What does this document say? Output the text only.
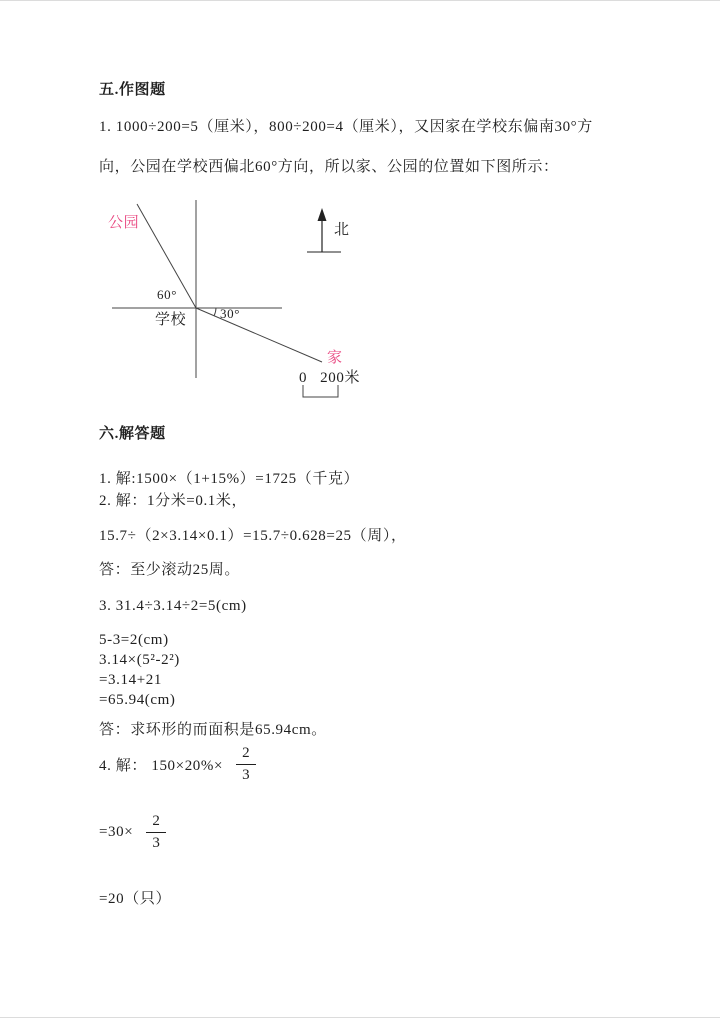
五.作图题
1. 1000÷200=5（厘米），800÷200=4（厘米），又因家在学校东偏南30°方
向，公园在学校西偏北60°方向，所以家、公园的位置如下图所示：
公园	北
60°
学校	30°
家
0   200米
六.解答题
1. 解:1500×（1+15%）=1725（千克）
2. 解：1分米=0.1米，
15.7÷（2×3.14×0.1）=15.7÷0.628=25（周），
答：至少滚动25周。
3. 31.4÷3.14÷2=5(cm)
5-3=2(cm)
3.14×(5²-2²)
=3.14+21
=65.94(cm)
答：求环形的而面积是65.94cm。
4. 解： $150\times 20\%\times \frac{2}{3}$
$=30\times \frac{2}{3}$
=20（只）
